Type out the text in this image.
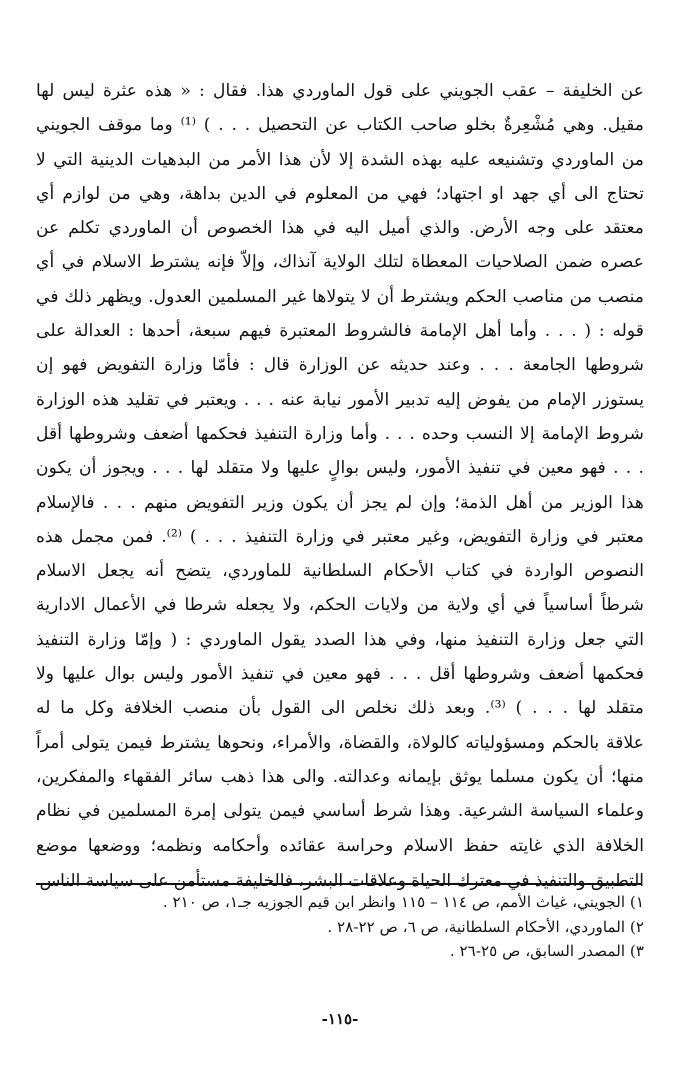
عن الخليفة – عقب الجويني على قول الماوردي هذا. فقال : « هذه عثرة ليس لها
مقيل. وهي مُشْعِرةٌ بخلو صاحب الكتاب عن التحصيل . . . ) ⁽¹⁾ وما موقف الجويني
من الماوردي وتشنيعه عليه بهذه الشدة إلا لأن هذا الأمر من البدهيات الدينية التي لا
تحتاج الى أي جهد او اجتهاد؛ فهي من المعلوم في الدين بداهة، وهي من لوازم أي
معتقد على وجه الأرض. والذي أميل اليه في هذا الخصوص أن الماوردي تكلم عن
عصره ضمن الصلاحيات المعطاة لتلك الولاية آنذاك، وإلاّ فإنه يشترط الاسلام في أي
منصب من مناصب الحكم ويشترط أن لا يتولاها غير المسلمين العدول. ويظهر ذلك في
قوله : ( . . . وأما أهل الإمامة فالشروط المعتبرة فيهم سبعة، أحدها : العدالة على
شروطها الجامعة . . . وعند حديثه عن الوزارة قال : فأمّا وزارة التفويض فهو إن
يستوزر الإمام من يفوض إليه تدبير الأمور نيابة عنه . . . ويعتبر في تقليد هذه الوزارة
شروط الإمامة إلا النسب وحده . . . وأما وزارة التنفيذ فحكمها أضعف وشروطها أقل
. . . فهو معين في تنفيذ الأمور، وليس بوالٍ عليها ولا متقلد لها . . . ويجوز أن يكون
هذا الوزير من أهل الذمة؛ وإن لم يجز أن يكون وزير التفويض منهم . . . فالإسلام
معتبر في وزارة التفويض، وغير معتبر في وزارة التنفيذ . . . ) ⁽²⁾. فمن مجمل هذه
النصوص الواردة في كتاب الأحكام السلطانية للماوردي، يتضح أنه يجعل الاسلام
شرطاً أساسياً في أي ولاية من ولايات الحكم، ولا يجعله شرطا في الأعمال الادارية
التي جعل وزارة التنفيذ منها، وفي هذا الصدد يقول الماوردي : ( وإمّا وزارة التنفيذ
فحكمها أضعف وشروطها أقل . . . فهو معين في تنفيذ الأمور وليس بوال عليها ولا
متقلد لها . . . ) ⁽³⁾. وبعد ذلك نخلص الى القول بأن منصب الخلافة وكل ما له
علاقة بالحكم ومسؤولياته كالولاة، والقضاة، والأمراء، ونحوها يشترط فيمن يتولى أمراً
منها؛ أن يكون مسلما يوثق بإيمانه وعدالته. والى هذا ذهب سائر الفقهاء والمفكرين،
وعلماء السياسة الشرعية. وهذا شرط أساسي فيمن يتولى إمرة المسلمين في نظام
الخلافة الذي غايته حفظ الاسلام وحراسة عقائده وأحكامه ونظمه؛ ووضعها موضع
التطبيق والتنفيذ في معترك الحياة وعلاقات البشر، فالخليفة مستأمن على سياسة الناس
١) الجويني، غياث الأمم، ص ١١٤ – ١١٥ وانظر ابن قيم الجوزيه جـ١، ص ٢١٠ .
٢) الماوردي، الأحكام السلطانية، ص ٦، ص ٢٢-٢٨ .
٣) المصدر السابق، ص ٢٥-٢٦ .
-١١٥-
